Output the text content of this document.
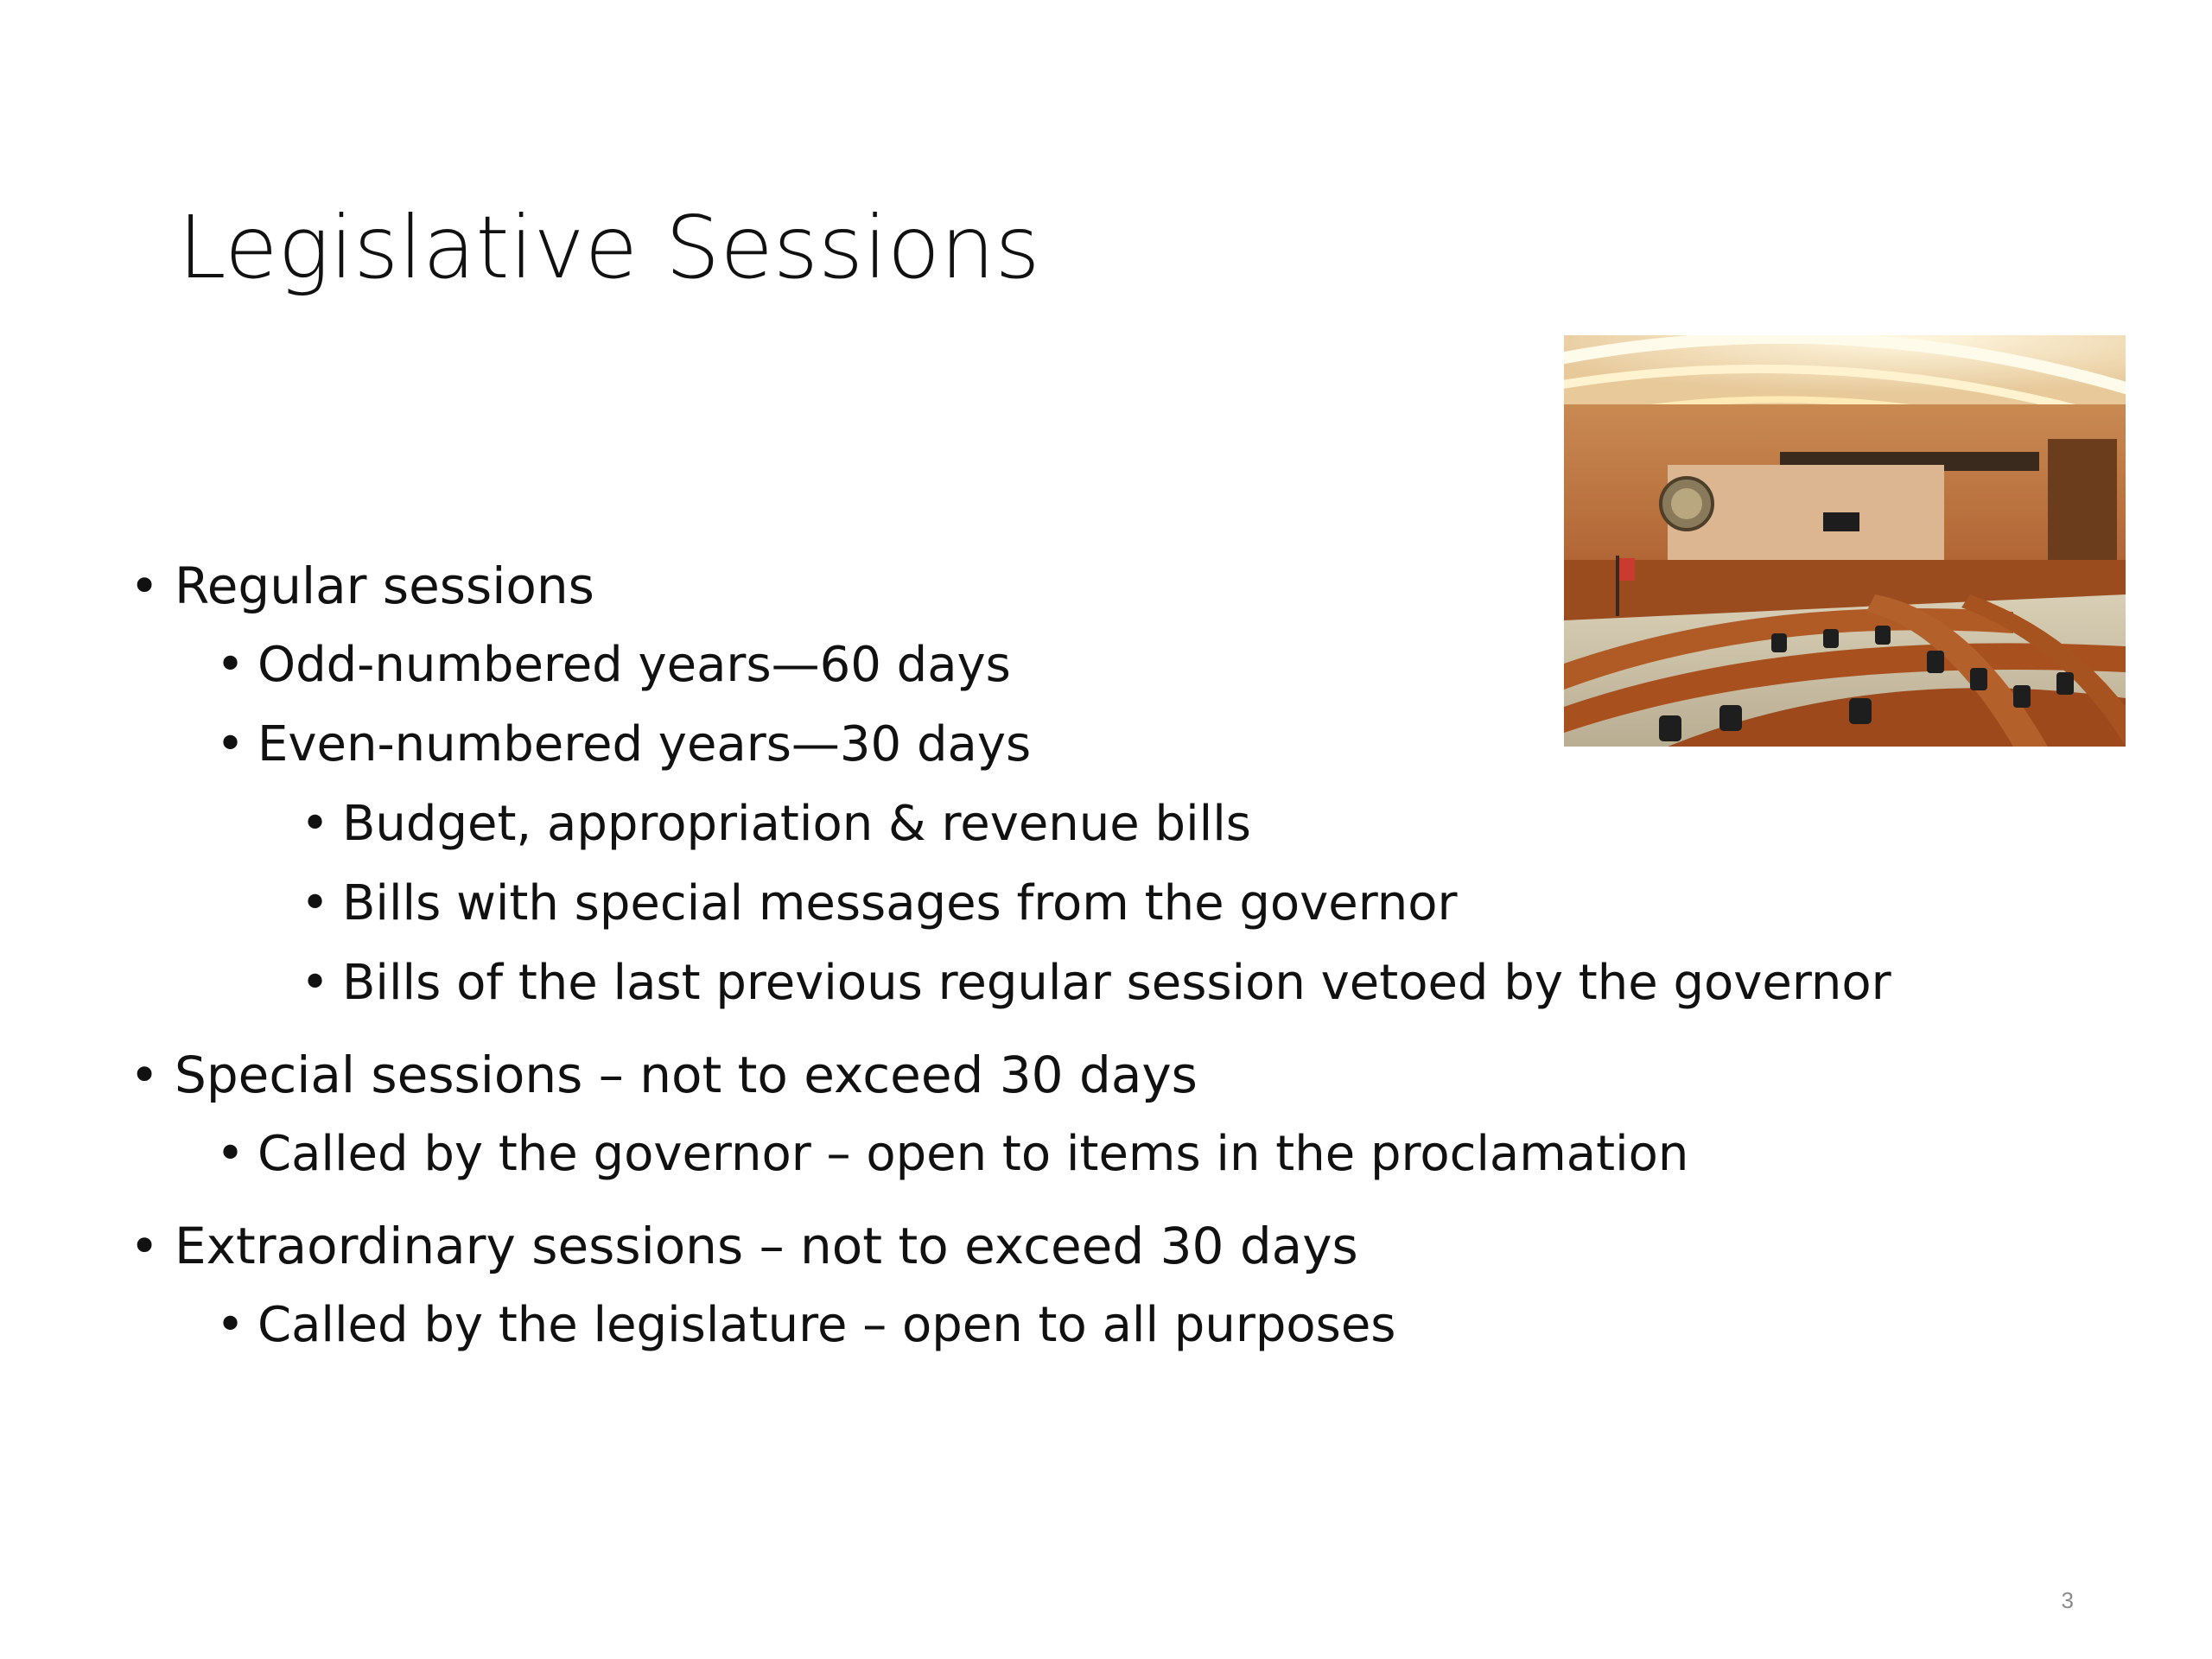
Legislative Sessions
• Regular sessions
• Odd-numbered years—60 days
• Even-numbered years—30 days
• Budget, appropriation & revenue bills
• Bills with special messages from the governor
• Bills of the last previous regular session vetoed by the governor
• Special sessions – not to exceed 30 days
• Called by the governor – open to items in the proclamation
• Extraordinary sessions – not to exceed 30 days
• Called by the legislature – open to all purposes
3
